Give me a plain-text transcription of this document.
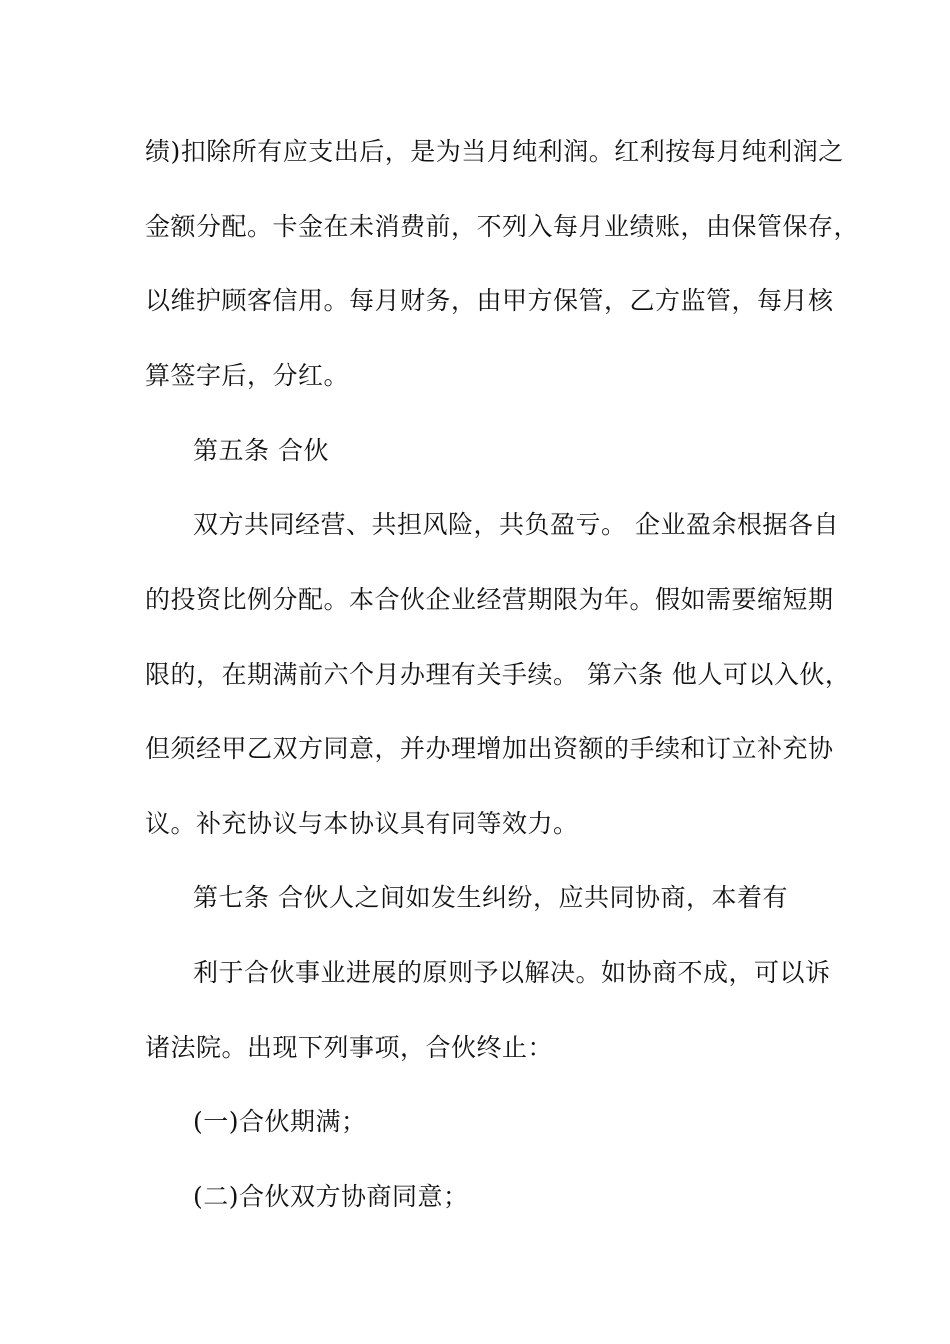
绩)扣除所有应支出后，是为当月纯利润。红利按每月纯利润之
金额分配。卡金在未消费前，不列入每月业绩账，由保管保存，
以维护顾客信用。每月财务，由甲方保管，乙方监管，每月核
算签字后，分红。
第五条 合伙
双方共同经营、共担风险，共负盈亏。 企业盈余根据各自
的投资比例分配。本合伙企业经营期限为年。假如需要缩短期
限的，在期满前六个月办理有关手续。 第六条 他人可以入伙，
但须经甲乙双方同意，并办理增加出资额的手续和订立补充协
议。补充协议与本协议具有同等效力。
第七条 合伙人之间如发生纠纷，应共同协商，本着有
利于合伙事业进展的原则予以解决。如协商不成，可以诉
诸法院。出现下列事项，合伙终止：
(一)合伙期满；
(二)合伙双方协商同意；
